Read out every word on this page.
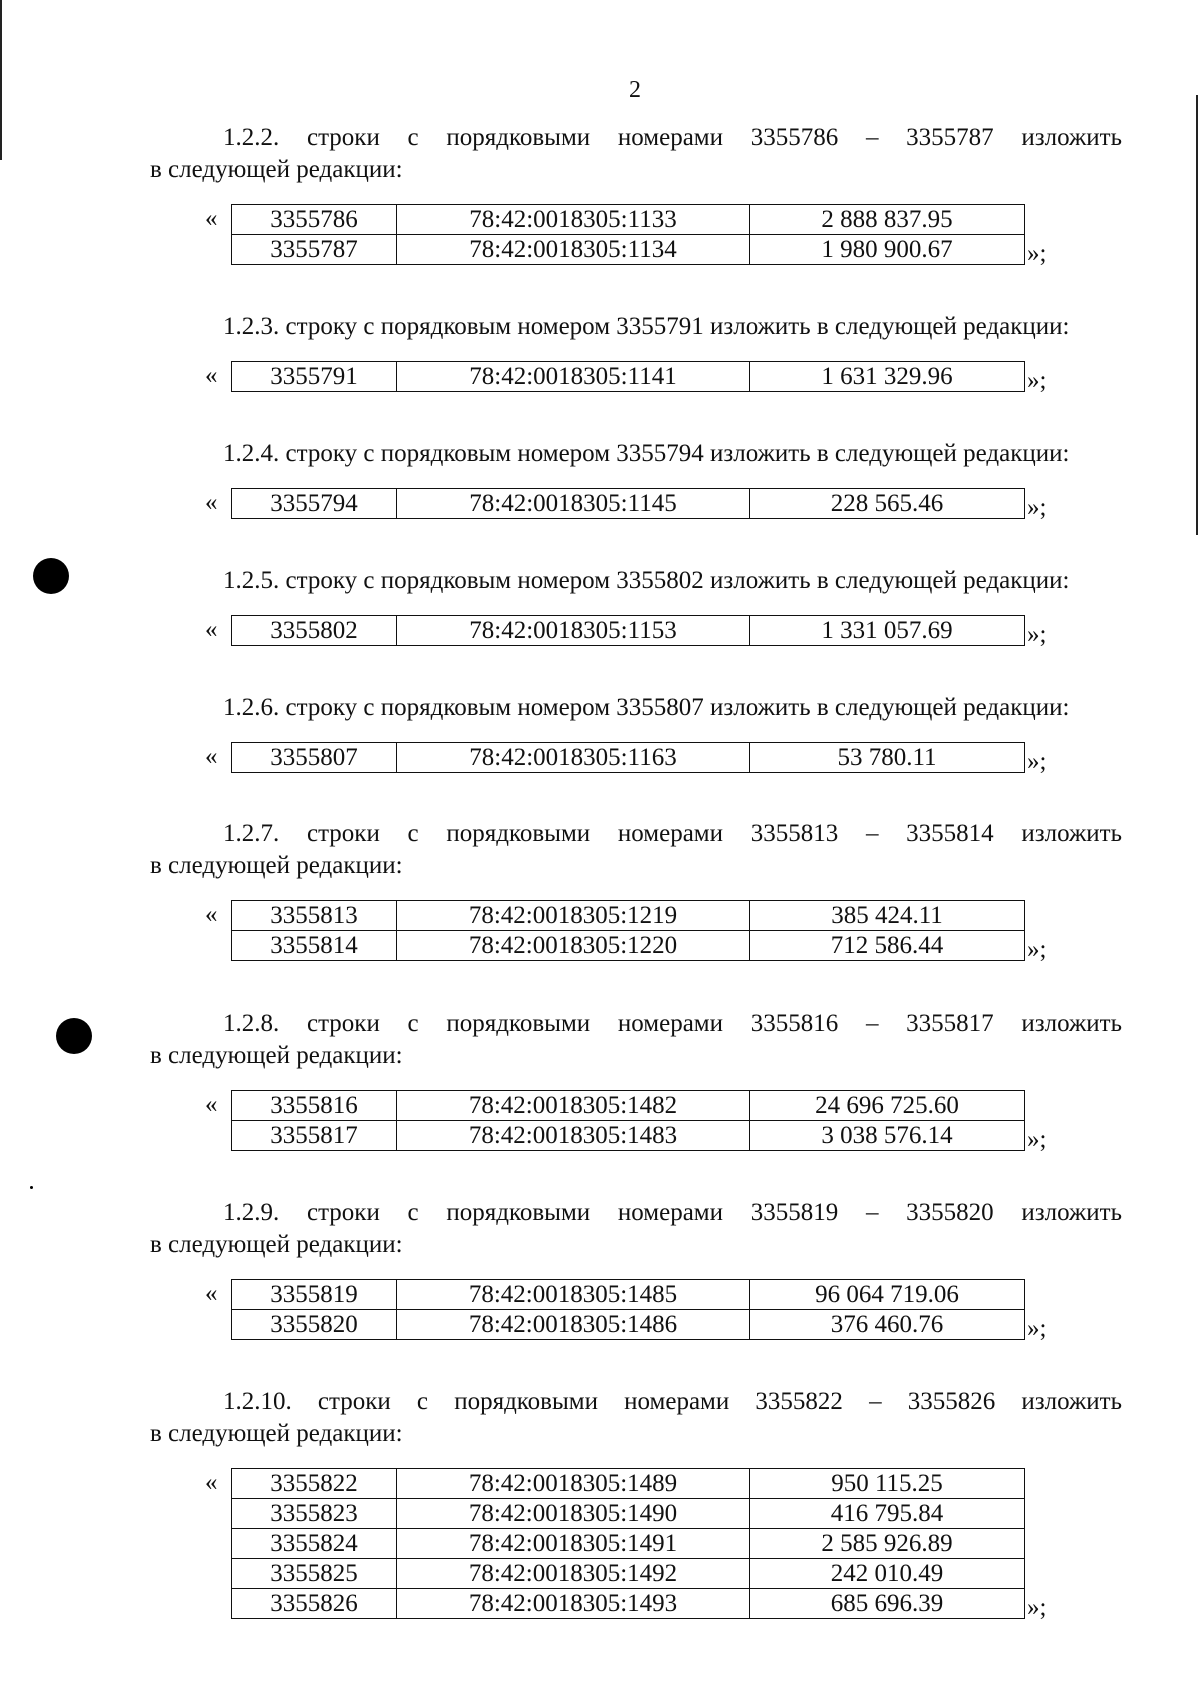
2

1.2.2. строки с порядковыми номерами 3355786 – 3355787 изложить
в следующей редакции:

« 3355786	78:42:0018305:1133	2 888 837.95
3355787	78:42:0018305:1134	1 980 900.67	»;

1.2.3. строку с порядковым номером 3355791 изложить в следующей редакции:

« 3355791	78:42:0018305:1141	1 631 329.96	»;

1.2.4. строку с порядковым номером 3355794 изложить в следующей редакции:

« 3355794	78:42:0018305:1145	228 565.46	»;

1.2.5. строку с порядковым номером 3355802 изложить в следующей редакции:

« 3355802	78:42:0018305:1153	1 331 057.69	»;

1.2.6. строку с порядковым номером 3355807 изложить в следующей редакции:

« 3355807	78:42:0018305:1163	53 780.11	»;

1.2.7. строки с порядковыми номерами 3355813 – 3355814 изложить
в следующей редакции:

« 3355813	78:42:0018305:1219	385 424.11
3355814	78:42:0018305:1220	712 586.44	»;

1.2.8. строки с порядковыми номерами 3355816 – 3355817 изложить
в следующей редакции:

« 3355816	78:42:0018305:1482	24 696 725.60
3355817	78:42:0018305:1483	3 038 576.14	»;

1.2.9. строки с порядковыми номерами 3355819 – 3355820 изложить
в следующей редакции:

« 3355819	78:42:0018305:1485	96 064 719.06
3355820	78:42:0018305:1486	376 460.76	»;

1.2.10. строки с порядковыми номерами 3355822 – 3355826 изложить
в следующей редакции:

« 3355822	78:42:0018305:1489	950 115.25
3355823	78:42:0018305:1490	416 795.84
3355824	78:42:0018305:1491	2 585 926.89
3355825	78:42:0018305:1492	242 010.49
3355826	78:42:0018305:1493	685 696.39	»;
